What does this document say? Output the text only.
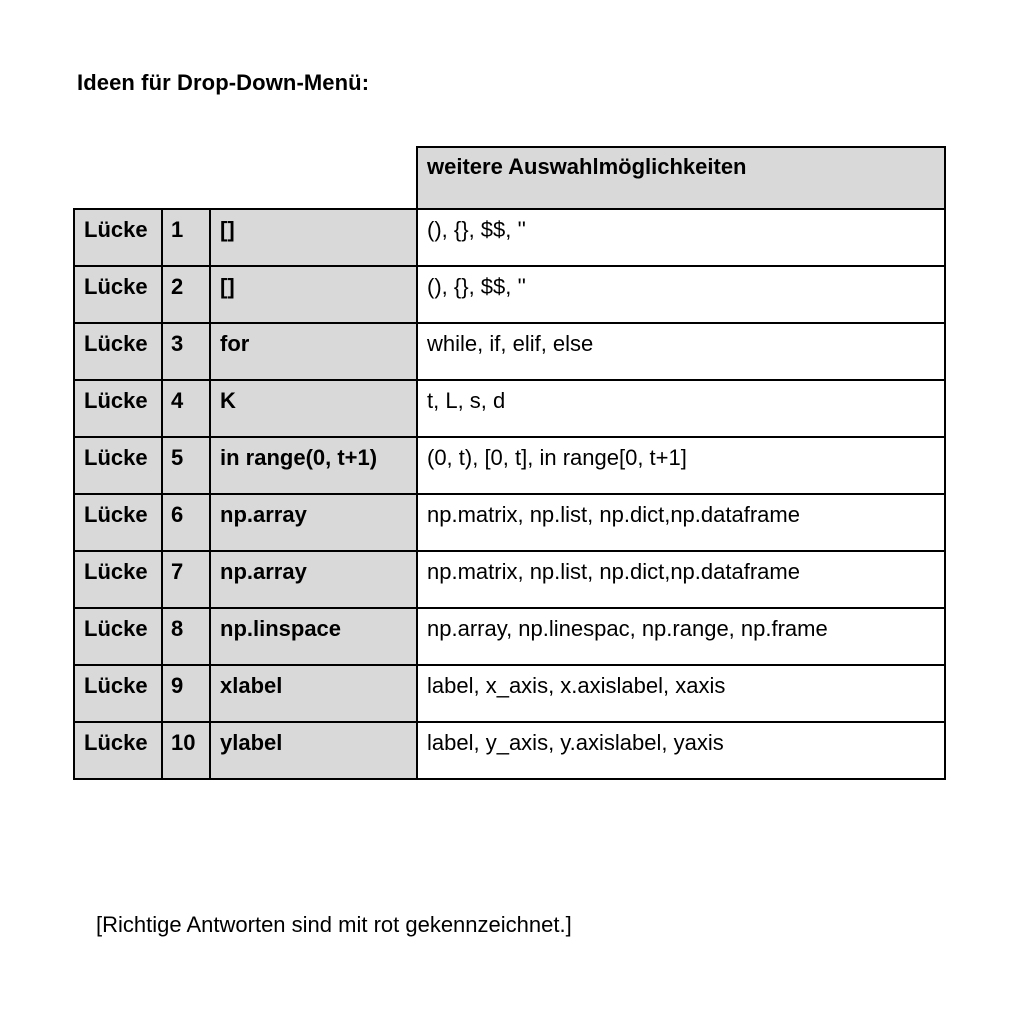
Ideen für Drop-Down-Menü:
			weitere Auswahlmöglichkeiten
Lücke	1	[]	(), {}, $$, ''
Lücke	2	[]	(), {}, $$, ''
Lücke	3	for	while, if, elif, else
Lücke	4	K	t, L, s, d
Lücke	5	in range(0, t+1)	(0, t), [0, t], in range[0, t+1]
Lücke	6	np.array	np.matrix, np.list, np.dict,np.dataframe
Lücke	7	np.array	np.matrix, np.list, np.dict,np.dataframe
Lücke	8	np.linspace	np.array, np.linespac, np.range, np.frame
Lücke	9	xlabel	label, x_axis, x.axislabel, xaxis
Lücke	10	ylabel	label, y_axis, y.axislabel, yaxis
[Richtige Antworten sind mit rot gekennzeichnet.]
